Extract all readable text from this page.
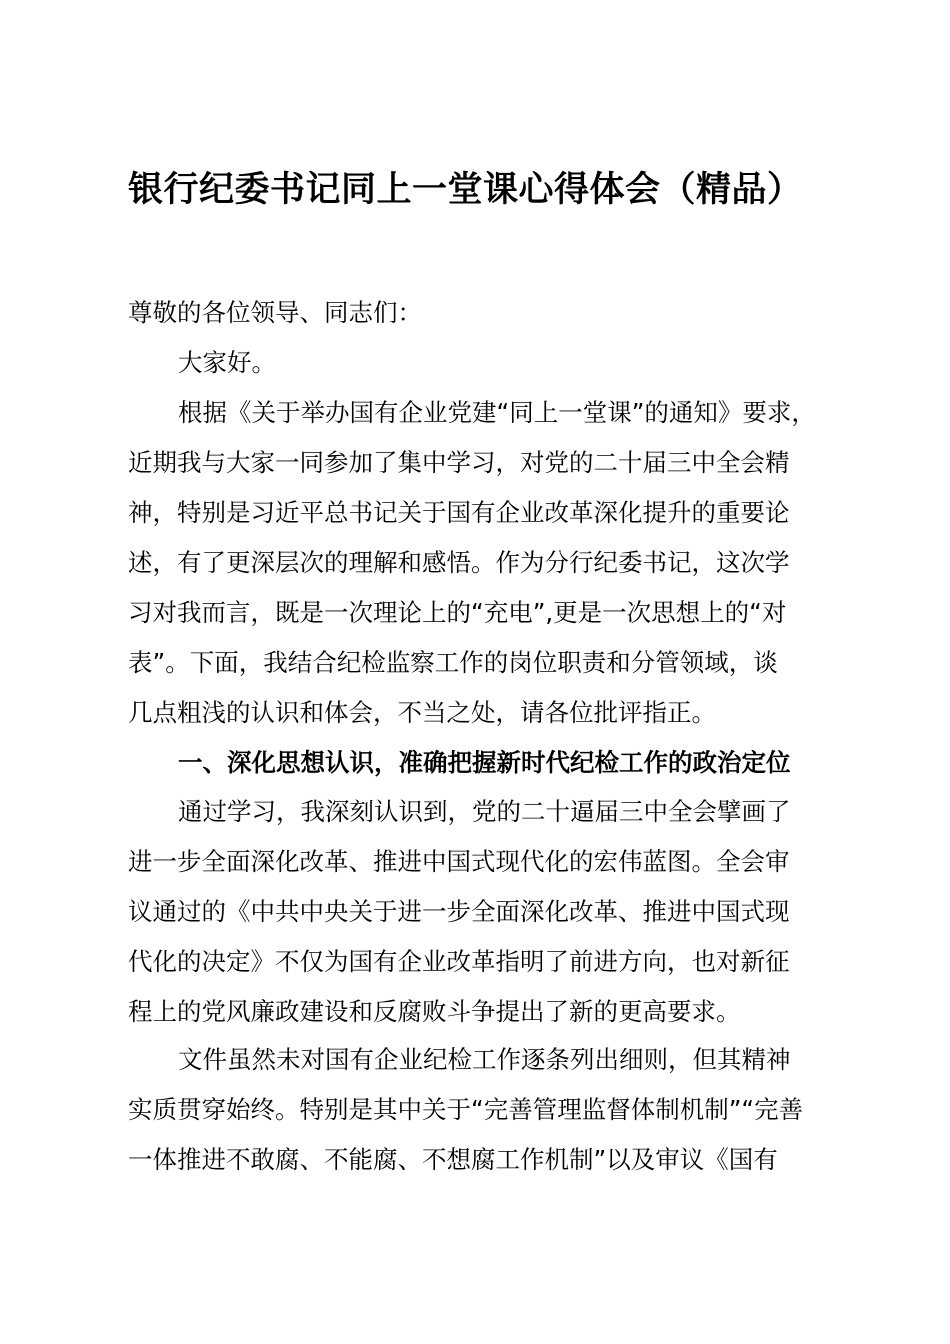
银行纪委书记同上一堂课心得体会（精品）
尊敬的各位领导、同志们：
大家好。
根据《关于举办国有企业党建“同上一堂课”的通知》要求，
近期我与大家一同参加了集中学习，对党的二十届三中全会精
神，特别是习近平总书记关于国有企业改革深化提升的重要论
述，有了更深层次的理解和感悟。作为分行纪委书记，这次学
习对我而言，既是一次理论上的“充电”,更是一次思想上的“对
表”。下面，我结合纪检监察工作的岗位职责和分管领域，谈
几点粗浅的认识和体会，不当之处，请各位批评指正。
一、深化思想认识，准确把握新时代纪检工作的政治定位
通过学习，我深刻认识到，党的二十逼届三中全会擘画了
进一步全面深化改革、推进中国式现代化的宏伟蓝图。全会审
议通过的《中共中央关于进一步全面深化改革、推进中国式现
代化的决定》不仅为国有企业改革指明了前进方向，也对新征
程上的党风廉政建设和反腐败斗争提出了新的更高要求。
文件虽然未对国有企业纪检工作逐条列出细则，但其精神
实质贯穿始终。特别是其中关于“完善管理监督体制机制”“完善
一体推进不敢腐、不能腐、不想腐工作机制”以及审议《国有
